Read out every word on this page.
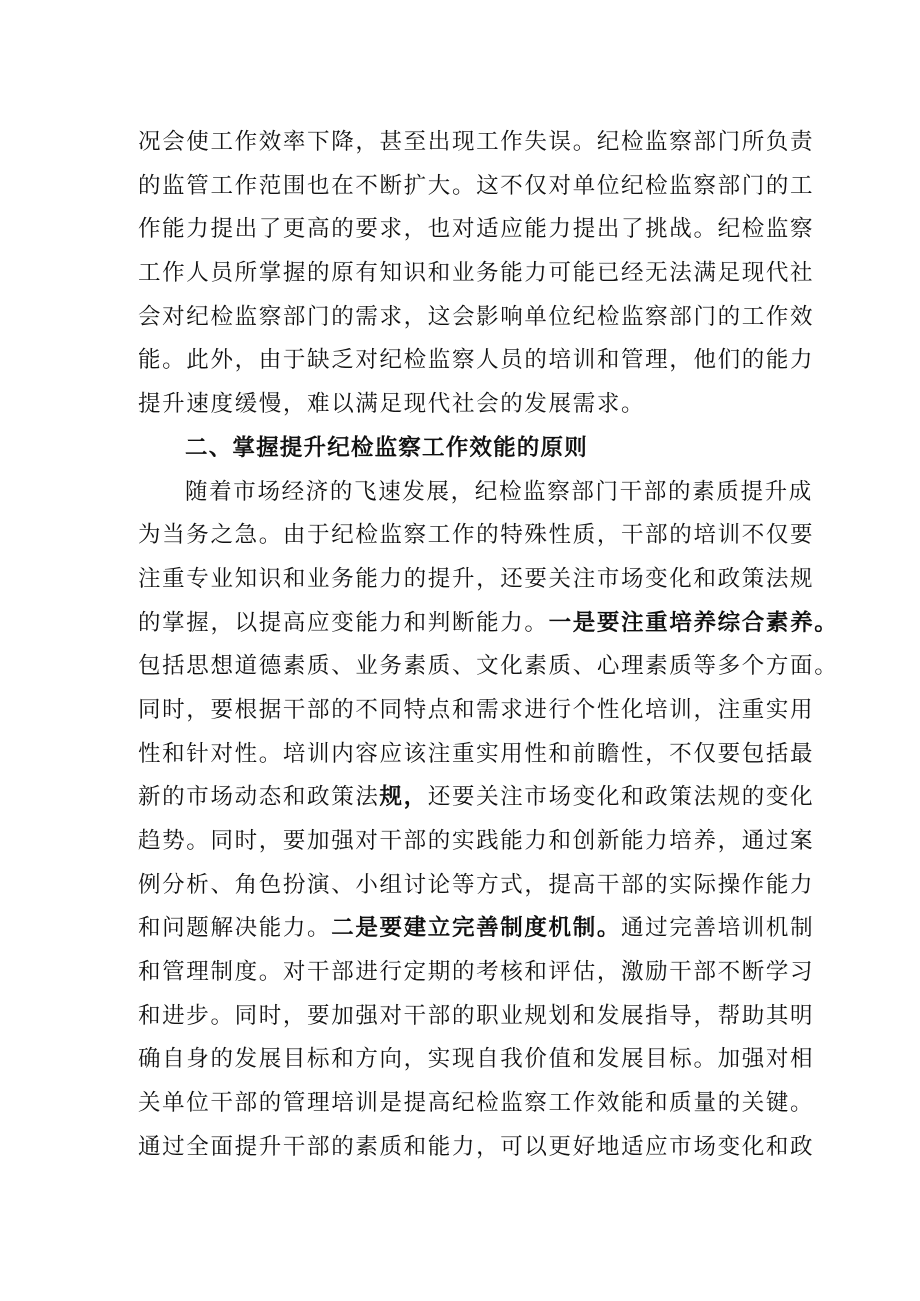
况会使工作效率下降，甚至出现工作失误。纪检监察部门所负责
的监管工作范围也在不断扩大。这不仅对单位纪检监察部门的工
作能力提出了更高的要求，也对适应能力提出了挑战。纪检监察
工作人员所掌握的原有知识和业务能力可能已经无法满足现代社
会对纪检监察部门的需求，这会影响单位纪检监察部门的工作效
能。此外，由于缺乏对纪检监察人员的培训和管理，他们的能力
提升速度缓慢，难以满足现代社会的发展需求。
二、掌握提升纪检监察工作效能的原则
随着市场经济的飞速发展，纪检监察部门干部的素质提升成
为当务之急。由于纪检监察工作的特殊性质，干部的培训不仅要
注重专业知识和业务能力的提升，还要关注市场变化和政策法规
的掌握，以提高应变能力和判断能力。一是要注重培养综合素养。
包括思想道德素质、业务素质、文化素质、心理素质等多个方面。
同时，要根据干部的不同特点和需求进行个性化培训，注重实用
性和针对性。培训内容应该注重实用性和前瞻性，不仅要包括最
新的市场动态和政策法规，还要关注市场变化和政策法规的变化
趋势。同时，要加强对干部的实践能力和创新能力培养，通过案
例分析、角色扮演、小组讨论等方式，提高干部的实际操作能力
和问题解决能力。二是要建立完善制度机制。通过完善培训机制
和管理制度。对干部进行定期的考核和评估，激励干部不断学习
和进步。同时，要加强对干部的职业规划和发展指导，帮助其明
确自身的发展目标和方向，实现自我价值和发展目标。加强对相
关单位干部的管理培训是提高纪检监察工作效能和质量的关键。
通过全面提升干部的素质和能力，可以更好地适应市场变化和政
